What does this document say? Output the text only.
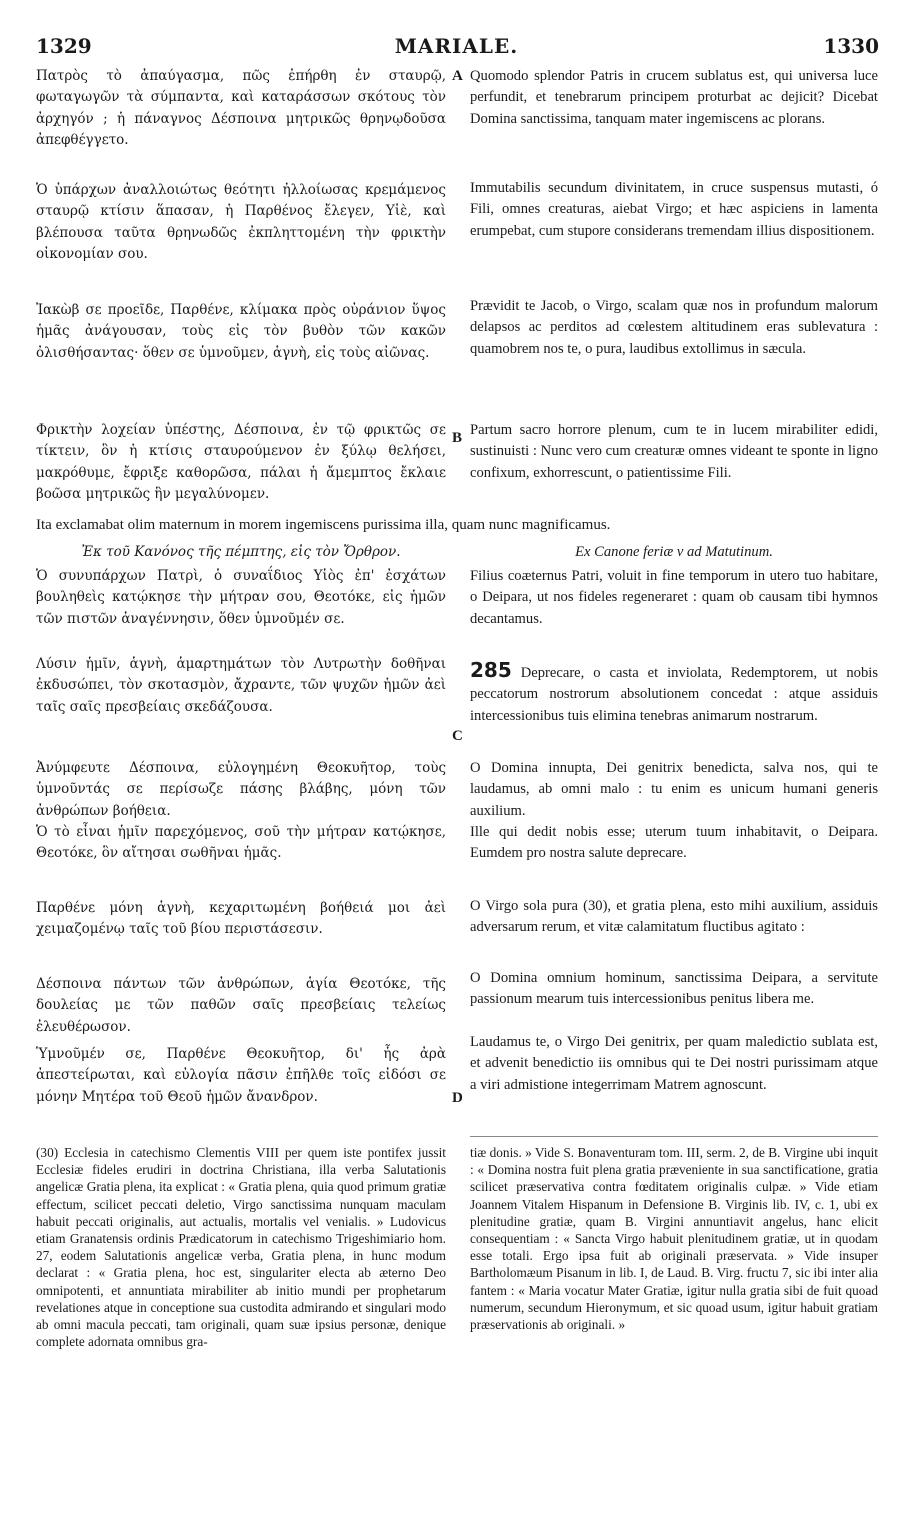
1329	MARIALE.	1330

Πατρὸς τὸ ἀπαύγασμα, πῶς ἐπήρθη ἐν σταυρῷ, φωταγωγῶν τὰ σύμπαντα, καὶ καταράσσων σκότους τὸν ἀρχηγόν ; ἡ πάναγνος Δέσποινα μητρικῶς θρηνῳδοῦσα ἀπεφθέγγετο.

Ὁ ὑπάρχων ἀναλλοιώτως θεότητι ἠλλοίωσας κρεμάμενος σταυρῷ κτίσιν ἅπασαν, ἡ Παρθένος ἔλεγεν, Υἱὲ, καὶ βλέπουσα ταῦτα θρηνωδῶς ἐκπληττομένη τὴν φρικτὴν οἰκονομίαν σου.

Ἰακὼβ σε προεῖδε, Παρθένε, κλίμακα πρὸς οὐράνιον ὕψος ἡμᾶς ἀνάγουσαν, τοὺς εἰς τὸν βυθὸν τῶν κακῶν ὀλισθήσαντας· ὅθεν σε ὑμνοῦμεν, ἁγνὴ, εἰς τοὺς αἰῶνας.

Φρικτὴν λοχείαν ὑπέστης, Δέσποινα, ἐν τῷ φρικτῶς σε τίκτειν, ὃν ἡ κτίσις σταυρούμενον ἐν ξύλῳ θελήσει, μακρόθυμε, ἔφριξε καθορῶσα, πάλαι ἡ ἄμεμπτος ἔκλαιε βοῶσα μητρικῶς ἣν μεγαλύνομεν.

Ἐκ τοῦ Κανόνος τῆς πέμπτης, εἰς τὸν Ὄρθρον.

Ὁ συνυπάρχων Πατρὶ, ὁ συναΐδιος Υἱὸς ἐπ' ἐσχάτων βουληθεὶς κατῴκησε τὴν μήτραν σου, Θεοτόκε, εἰς ἡμῶν τῶν πιστῶν ἀναγέννησιν, ὅθεν ὑμνοῦμέν σε.

Λύσιν ἡμῖν, ἁγνὴ, ἁμαρτημάτων τὸν Λυτρωτὴν δοθῆναι ἐκδυσώπει, τὸν σκοτασμὸν, ἄχραντε, τῶν ψυχῶν ἡμῶν ἀεὶ ταῖς σαῖς πρεσβείαις σκεδάζουσα.

Ἀνύμφευτε Δέσποινα, εὐλογημένη Θεοκυῆτορ, τοὺς ὑμνοῦντάς σε περίσωζε πάσης βλάβης, μόνη τῶν ἀνθρώπων βοήθεια.

Ὁ τὸ εἶναι ἡμῖν παρεχόμενος, σοῦ τὴν μήτραν κατῴκησε, Θεοτόκε, ὃν αἴτησαι σωθῆναι ἡμᾶς.

Παρθένε μόνη ἁγνὴ, κεχαριτωμένη βοήθειά μοι ἀεὶ χειμαζομένῳ ταῖς τοῦ βίου περιστάσεσιν.

Δέσποινα πάντων τῶν ἀνθρώπων, ἁγία Θεοτόκε, τῆς δουλείας με τῶν παθῶν σαῖς πρεσβείαις τελείως ἐλευθέρωσον.

Ὑμνοῦμέν σε, Παρθένε Θεοκυῆτορ, δι' ἧς ἀρὰ ἀπεστείρωται, καὶ εὐλογία πᾶσιν ἐπῆλθε τοῖς εἰδόσι σε μόνην Μητέρα τοῦ Θεοῦ ἡμῶν ἄνανδρον.

Quomodo splendor Patris in crucem sublatus est, qui universa luce perfundit, et tenebrarum principem proturbat ac dejicit? Dicebat Domina sanctissima, tanquam mater ingemiscens ac plorans.

Immutabilis secundum divinitatem, in cruce suspensus mutasti, ó Fili, omnes creaturas, aiebat Virgo; et hæc aspiciens in lamenta erumpebat, cum stupore considerans tremendam illius dispositionem.

Prævidit te Jacob, o Virgo, scalam quæ nos in profundum malorum delapsos ac perditos ad cœlestem altitudinem eras sublevatura : quamobrem nos te, o pura, laudibus extollimus in sæcula.

Partum sacro horrore plenum, cum te in lucem mirabiliter edidi, sustinuisti : Nunc vero cum creaturæ omnes videant te sponte in ligno confixum, exhorrescunt, o patientissime Fili.

Ex Canone feriæ v ad Matutinum.

Filius coæternus Patri, voluit in fine temporum in utero tuo habitare, o Deipara, ut nos fideles regeneraret : quam ob causam tibi hymnos decantamus.

285 Deprecare, o casta et inviolata, Redemptorem, ut nobis peccatorum nostrorum absolutionem concedat : atque assiduis intercessionibus tuis elimina tenebras animarum nostrarum.

O Domina innupta, Dei genitrix benedicta, salva nos, qui te laudamus, ab omni malo : tu enim es unicum humani generis auxilium.

Ille qui dedit nobis esse; uterum tuum inhabitavit, o Deipara. Eumdem pro nostra salute deprecare.

O Virgo sola pura (30), et gratia plena, esto mihi auxilium, assiduis adversarum rerum, et vitæ calamitatum fluctibus agitato :

O Domina omnium hominum, sanctissima Deipara, a servitute passionum mearum tuis intercessionibus penitus libera me.

Laudamus te, o Virgo Dei genitrix, per quam maledictio sublata est, et advenit benedictio iis omnibus qui te Dei nostri purissimam atque a viri admistione integerrimam Matrem agnoscunt.

Ita exclamabat olim maternum in morem ingemiscens purissima illa, quam nunc magnificamus.
A
B
C
D

(30) Ecclesia in catechismo Clementis VIII per quem iste pontifex jussit Ecclesiæ fideles erudiri in doctrina Christiana, illa verba Salutationis angelicæ Gratia plena, ita explicat : « Gratia plena, quia quod primum gratiæ effectum, scilicet peccati deletio, Virgo sanctissima nunquam maculam habuit peccati originalis, aut actualis, mortalis vel venialis. » Ludovicus etiam Granatensis ordinis Prædicatorum in catechismo Trigeshimiario hom. 27, eodem Salutationis angelicæ verba, Gratia plena, in hunc modum declarat : « Gratia plena, hoc est, singulariter electa ab æterno Deo omnipotenti, et annuntiata mirabiliter ab initio mundi per prophetarum revelationes atque in conceptione sua custodita admirando et singulari modo ab omni macula peccati, tam originali, quam suæ ipsius personæ, denique complete adornata omnibus gra-

tiæ donis. » Vide S. Bonaventuram tom. III, serm. 2, de B. Virgine ubi inquit : « Domina nostra fuit plena gratia præveniente in sua sanctificatione, gratia scilicet præservativa contra fœditatem originalis culpæ. » Vide etiam Joannem Vitalem Hispanum in Defensione B. Virginis lib. IV, c. 1, ubi ex plenitudine gratiæ, quam B. Virgini annuntiavit angelus, hanc elicit consequentiam : « Sancta Virgo habuit plenitudinem gratiæ, ut in quodam esse totali. Ergo ipsa fuit ab originali præservata. » Vide insuper Bartholomæum Pisanum in lib. I, de Laud. B. Virg. fructu 7, sic ibi inter alia fantem : « Maria vocatur Mater Gratiæ, igitur nulla gratia sibi de fuit quoad numerum, secundum Hieronymum, et sic quoad usum, igitur habuit gratiam præservationis ab originali. »
